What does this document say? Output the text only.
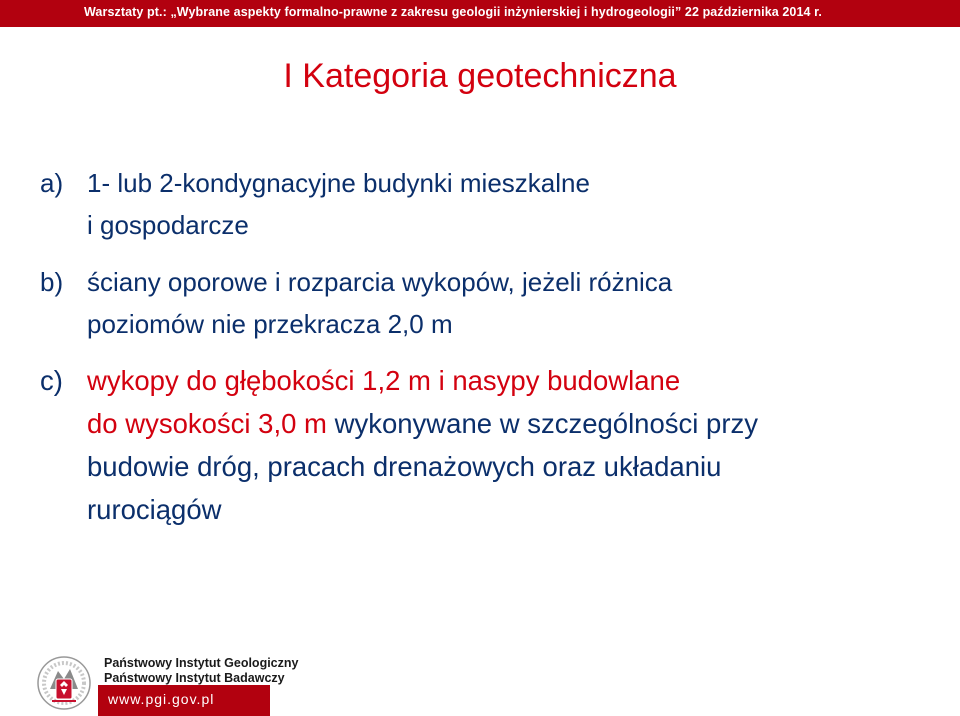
Warsztaty pt.: „Wybrane aspekty formalno-prawne z zakresu geologii inżynierskiej i hydrogeologii” 22 października 2014 r.
I Kategoria geotechniczna
a) 1- lub 2-kondygnacyjne budynki mieszkalne
i gospodarcze
b) ściany oporowe i rozparcia wykopów, jeżeli różnica
poziomów nie przekracza 2,0 m
c) wykopy do głębokości 1,2 m i nasypy budowlane
do wysokości 3,0 m wykonywane w szczególności przy
budowie dróg, pracach drenażowych oraz układaniu
rurociągów
Państwowy Instytut Geologiczny
Państwowy Instytut Badawczy
www.pgi.gov.pl
